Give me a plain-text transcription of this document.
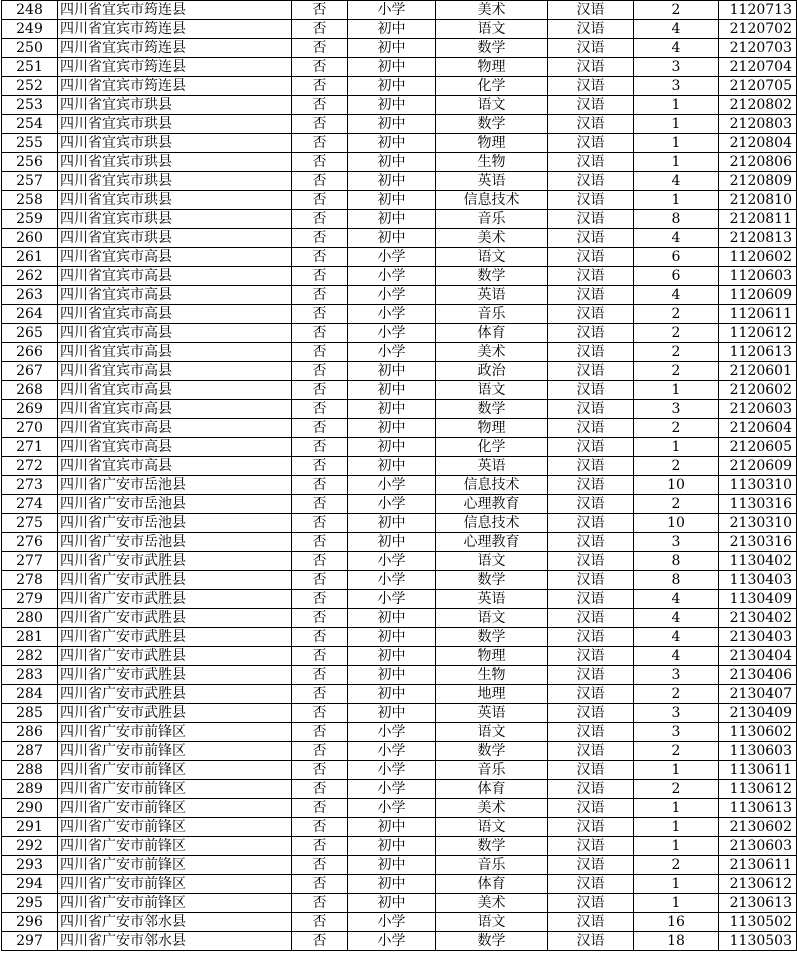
248	四川省宜宾市筠连县	否	小学	美术	汉语	2	1120713
249	四川省宜宾市筠连县	否	初中	语文	汉语	4	2120702
250	四川省宜宾市筠连县	否	初中	数学	汉语	4	2120703
251	四川省宜宾市筠连县	否	初中	物理	汉语	3	2120704
252	四川省宜宾市筠连县	否	初中	化学	汉语	3	2120705
253	四川省宜宾市珙县	否	初中	语文	汉语	1	2120802
254	四川省宜宾市珙县	否	初中	数学	汉语	1	2120803
255	四川省宜宾市珙县	否	初中	物理	汉语	1	2120804
256	四川省宜宾市珙县	否	初中	生物	汉语	1	2120806
257	四川省宜宾市珙县	否	初中	英语	汉语	4	2120809
258	四川省宜宾市珙县	否	初中	信息技术	汉语	1	2120810
259	四川省宜宾市珙县	否	初中	音乐	汉语	8	2120811
260	四川省宜宾市珙县	否	初中	美术	汉语	4	2120813
261	四川省宜宾市高县	否	小学	语文	汉语	6	1120602
262	四川省宜宾市高县	否	小学	数学	汉语	6	1120603
263	四川省宜宾市高县	否	小学	英语	汉语	4	1120609
264	四川省宜宾市高县	否	小学	音乐	汉语	2	1120611
265	四川省宜宾市高县	否	小学	体育	汉语	2	1120612
266	四川省宜宾市高县	否	小学	美术	汉语	2	1120613
267	四川省宜宾市高县	否	初中	政治	汉语	2	2120601
268	四川省宜宾市高县	否	初中	语文	汉语	1	2120602
269	四川省宜宾市高县	否	初中	数学	汉语	3	2120603
270	四川省宜宾市高县	否	初中	物理	汉语	2	2120604
271	四川省宜宾市高县	否	初中	化学	汉语	1	2120605
272	四川省宜宾市高县	否	初中	英语	汉语	2	2120609
273	四川省广安市岳池县	否	小学	信息技术	汉语	10	1130310
274	四川省广安市岳池县	否	小学	心理教育	汉语	2	1130316
275	四川省广安市岳池县	否	初中	信息技术	汉语	10	2130310
276	四川省广安市岳池县	否	初中	心理教育	汉语	3	2130316
277	四川省广安市武胜县	否	小学	语文	汉语	8	1130402
278	四川省广安市武胜县	否	小学	数学	汉语	8	1130403
279	四川省广安市武胜县	否	小学	英语	汉语	4	1130409
280	四川省广安市武胜县	否	初中	语文	汉语	4	2130402
281	四川省广安市武胜县	否	初中	数学	汉语	4	2130403
282	四川省广安市武胜县	否	初中	物理	汉语	4	2130404
283	四川省广安市武胜县	否	初中	生物	汉语	3	2130406
284	四川省广安市武胜县	否	初中	地理	汉语	2	2130407
285	四川省广安市武胜县	否	初中	英语	汉语	3	2130409
286	四川省广安市前锋区	否	小学	语文	汉语	3	1130602
287	四川省广安市前锋区	否	小学	数学	汉语	2	1130603
288	四川省广安市前锋区	否	小学	音乐	汉语	1	1130611
289	四川省广安市前锋区	否	小学	体育	汉语	2	1130612
290	四川省广安市前锋区	否	小学	美术	汉语	1	1130613
291	四川省广安市前锋区	否	初中	语文	汉语	1	2130602
292	四川省广安市前锋区	否	初中	数学	汉语	1	2130603
293	四川省广安市前锋区	否	初中	音乐	汉语	2	2130611
294	四川省广安市前锋区	否	初中	体育	汉语	1	2130612
295	四川省广安市前锋区	否	初中	美术	汉语	1	2130613
296	四川省广安市邻水县	否	小学	语文	汉语	16	1130502
297	四川省广安市邻水县	否	小学	数学	汉语	18	1130503
